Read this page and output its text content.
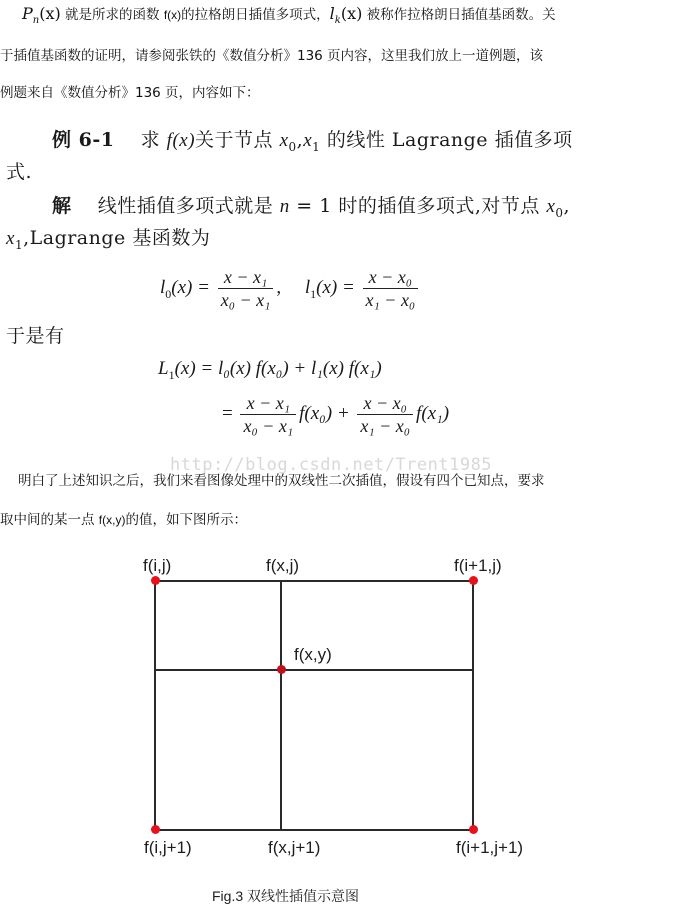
$P_n(x)$ 就是所求的函数 f(x)的拉格朗日插值多项式，$l_k(x)$ 被称作拉格朗日插值基函数。关
于插值基函数的证明，请参阅张铁的《数值分析》136 页内容，这里我们放上一道例题，该
例题来自《数值分析》136 页，内容如下：
例 6-1 求 f(x)关于节点 $x_0,x_1$ 的线性 Lagrange 插值多项
式.
解 线性插值多项式就是 n = 1 时的插值多项式,对节点 $x_0$,
$x_1,Lagrange$ 基函数为
$l_0(x) = \frac{\text{x − x₁}}{\text{x₀ − x₁}}$ , $l_1(x) = \frac{\text{x − x₀}}{\text{x₁ − x₀}}$
于是有
$L_1(x) = l_0(x) f(x_0) + l_1(x)$ f(x₁)
= $\frac{\text{x − x₁}}{\text{x₀ − x₁}} f(x_0) + \frac{\text{x − x₀}}{\text{x₁ − x₀}} f(x_1)$
http://blog.csdn.net/Trent1985
明白了上述知识之后，我们来看图像处理中的双线性二次插值，假设有四个已知点，要求
取中间的某一点 f(x,y)的值，如下图所示：
f(i,j)	f(x,j)	f(i+1,j)
f(x,y)
f(i,j+1)	f(x,j+1)	f(i+1,j+1)
Fig.3 双线性插值示意图
